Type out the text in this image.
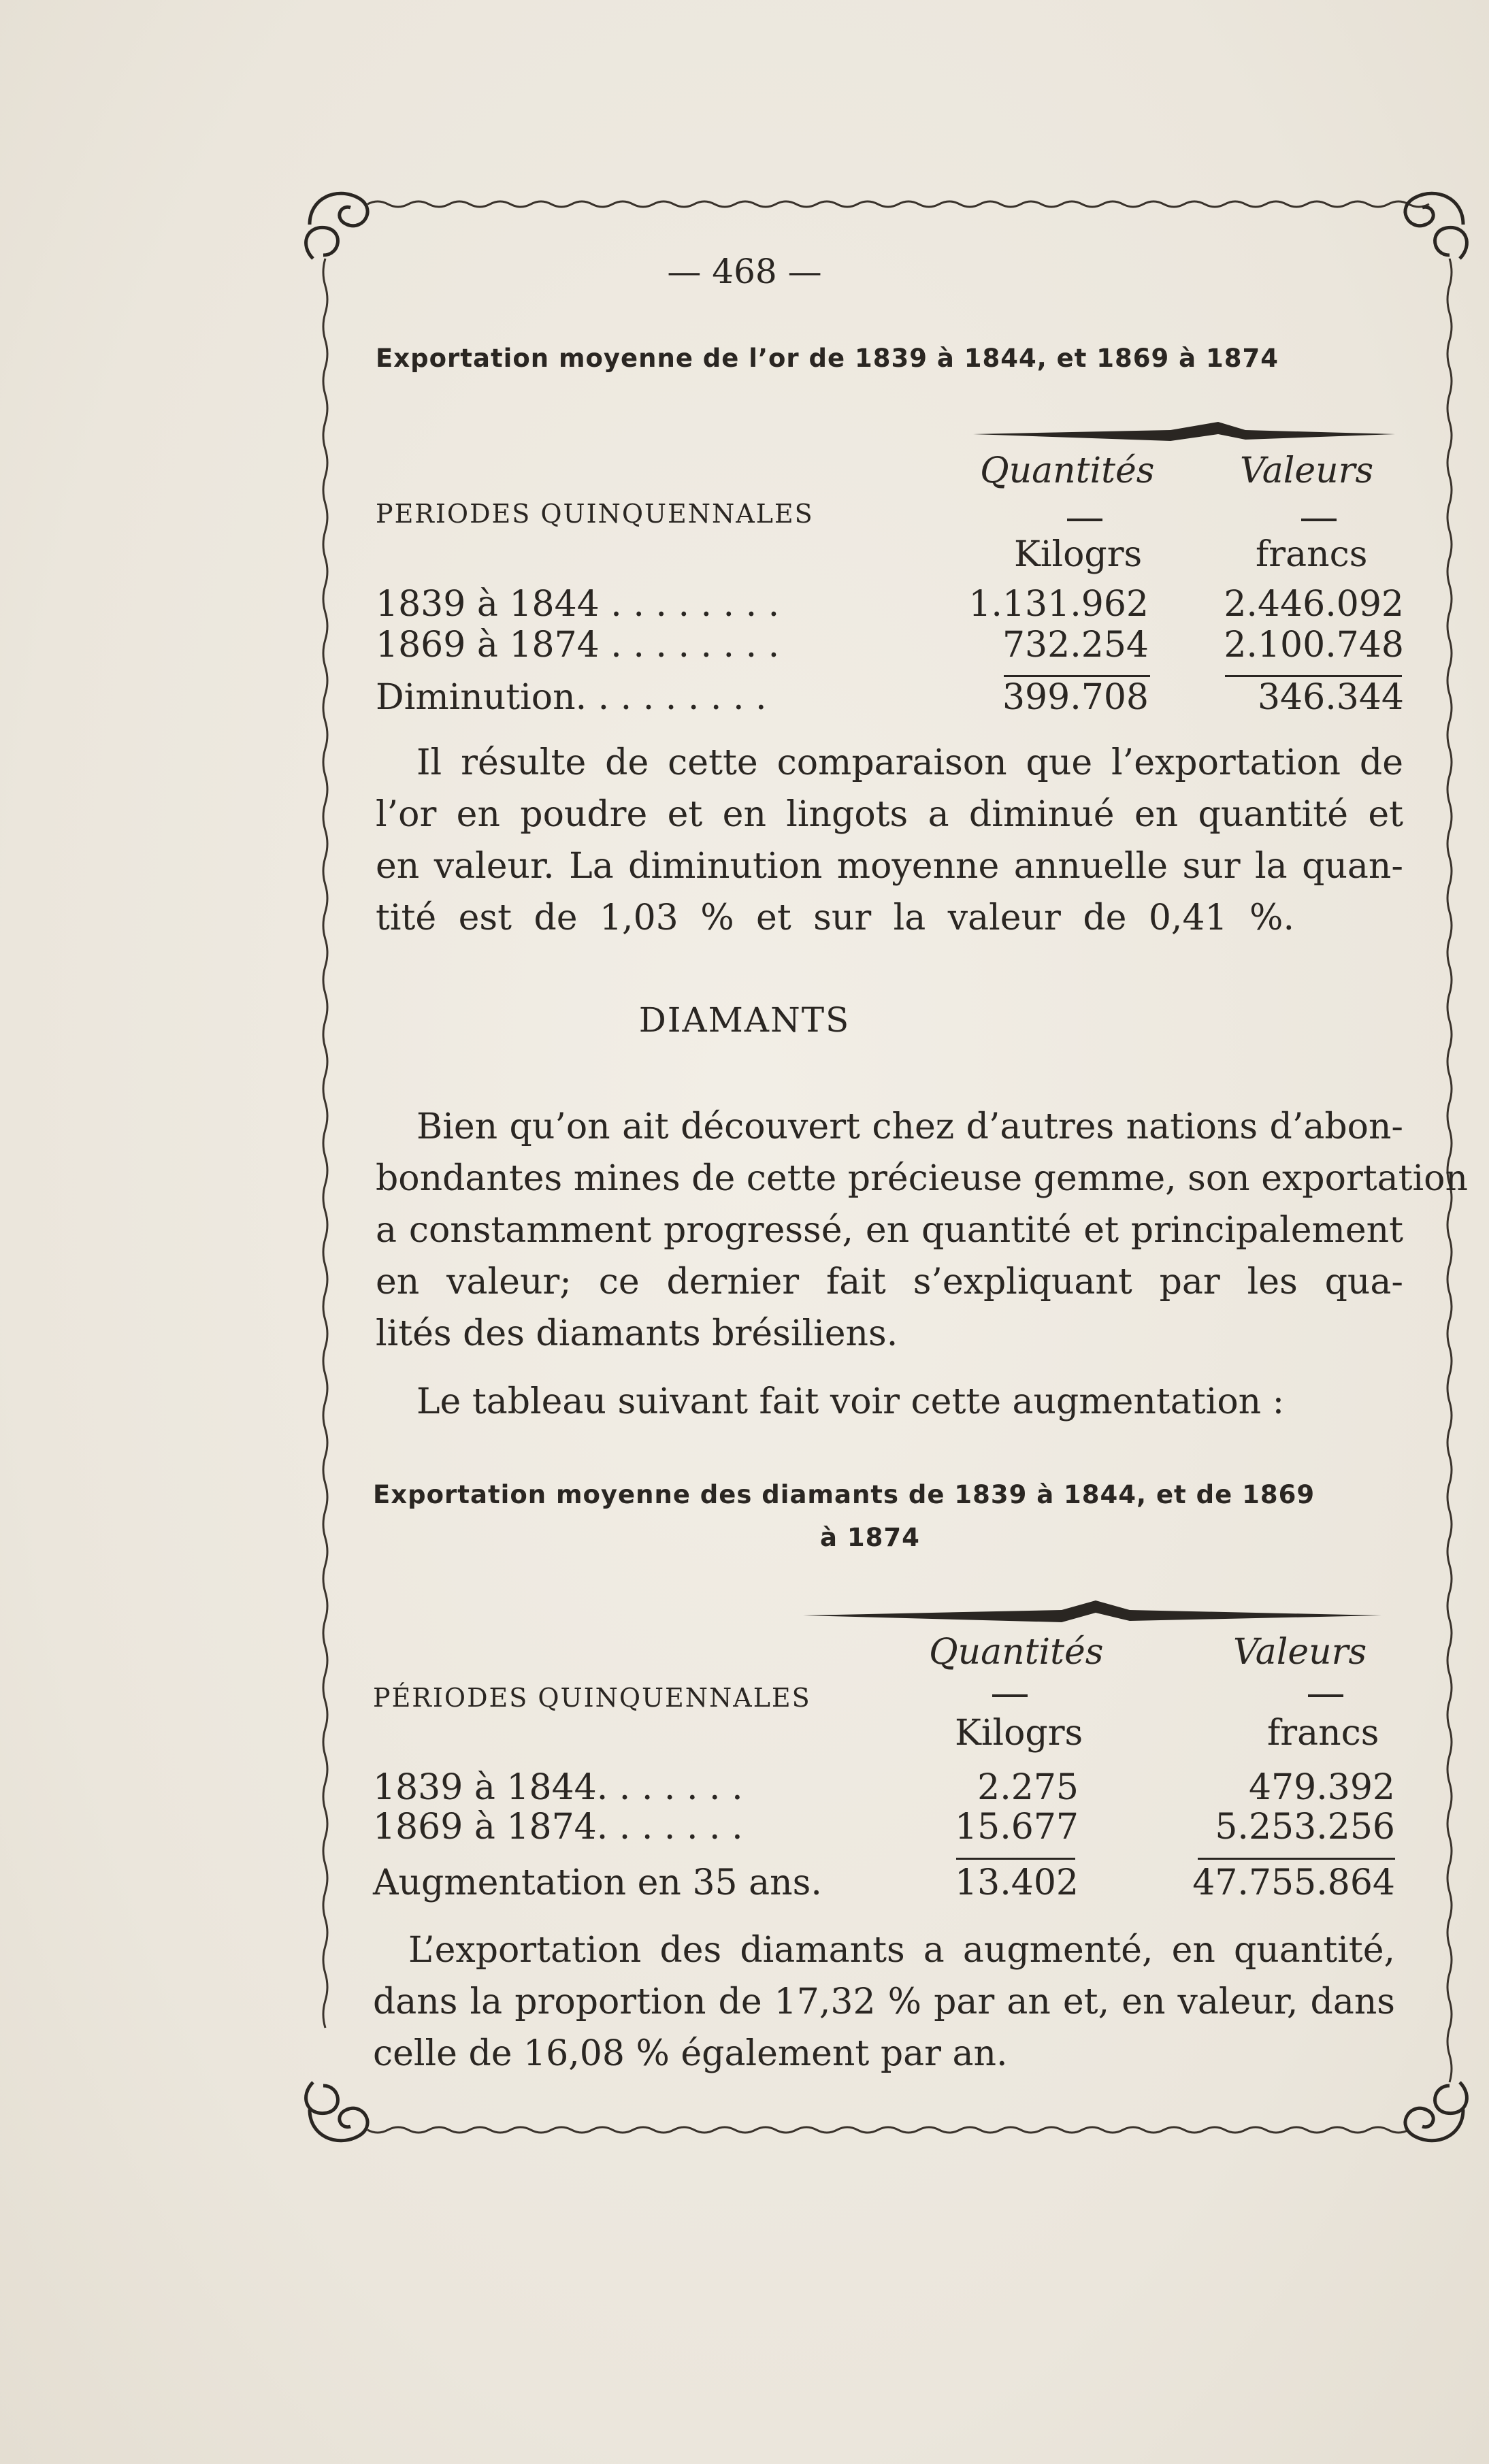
— 468 —
Exportation moyenne de l’or de 1839 à 1844, et 1869 à 1874
Quantités Valeurs
PERIODES QUINQUENNALES
Kilogrs	francs
1839 à 1844 . . . . . . . .	1.131.962 2.446.092
1869 à 1874 . . . . . . . .	732.254 2.100.748
Diminution. . . . . . . . .	399.708	346.344
Il résulte de cette comparaison que l’exportation de
l’or en poudre et en lingots a diminué en quantité et
en valeur. La diminution moyenne annuelle sur la quan-
tité est de 1,03 % et sur la valeur de 0,41 %.
DIAMANTS
Bien qu’on ait découvert chez d’autres nations d’abon-
bondantes mines de cette précieuse gemme, son exportation
a constamment progressé, en quantité et principalement
en valeur; ce dernier fait s’expliquant par les qua-
lités des diamants brésiliens.
Le tableau suivant fait voir cette augmentation :
Exportation moyenne des diamants de 1839 à 1844, et de 1869
à 1874
Quantités	Valeurs
PÉRIODES QUINQUENNALES
Kilogrs	francs
1839 à 1844. . . . . . .	2.275	479.392
1869 à 1874. . . . . . .	15.677	5.253.256
Augmentation en 35 ans.	13.402	47.755.864
L’exportation des diamants a augmenté, en quantité,
dans la proportion de 17,32 % par an et, en valeur, dans
celle de 16,08 % également par an.
